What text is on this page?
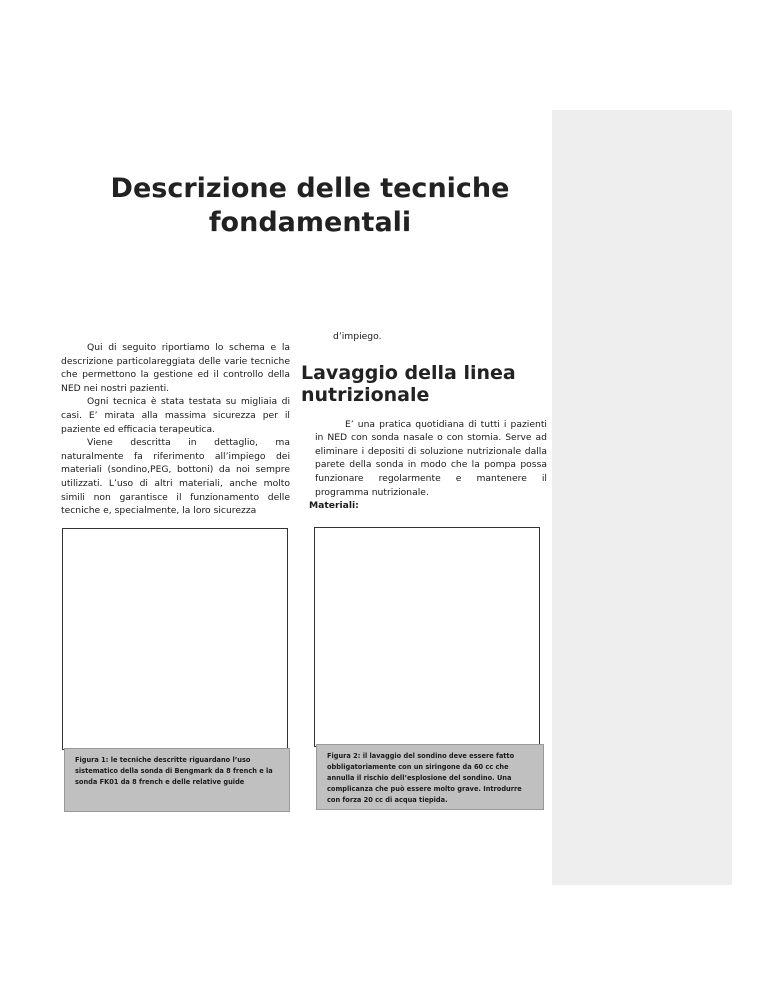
Descrizione delle tecniche
fondamentali

Qui di seguito riportiamo lo schema e la descrizione particolareggiata delle varie tecniche che permettono la gestione ed il controllo della NED nei nostri pazienti.

Ogni tecnica è stata testata su migliaia di casi. E’ mirata alla massima sicurezza per il paziente ed efficacia terapeutica.

Viene descritta in dettaglio, ma naturalmente fa riferimento all’impiego dei materiali (sondino,PEG, bottoni) da noi sempre utilizzati. L’uso di altri materiali, anche molto simili non garantisce il funzionamento delle tecniche e, specialmente, la loro sicurezza

d’impiego.

Lavaggio della linea nutrizionale

E’ una pratica quotidiana di tutti i pazienti in NED con sonda nasale o con stomia. Serve ad eliminare i depositi di soluzione nutrizionale dalla parete della sonda in modo che la pompa possa funzionare regolarmente e mantenere il programma nutrizionale.

Materiali:

Figura 1: le tecniche descritte riguardano l’uso sistematico della sonda di Bengmark da 8 french e la sonda FK01 da 8 french e delle relative guide
Figura 2: il lavaggio del sondino deve essere fatto obbligatoriamente con un siringone da 60 cc che annulla il rischio dell’esplosione del sondino. Una complicanza che può essere molto grave. Introdurre con forza 20 cc di acqua tiepida.
